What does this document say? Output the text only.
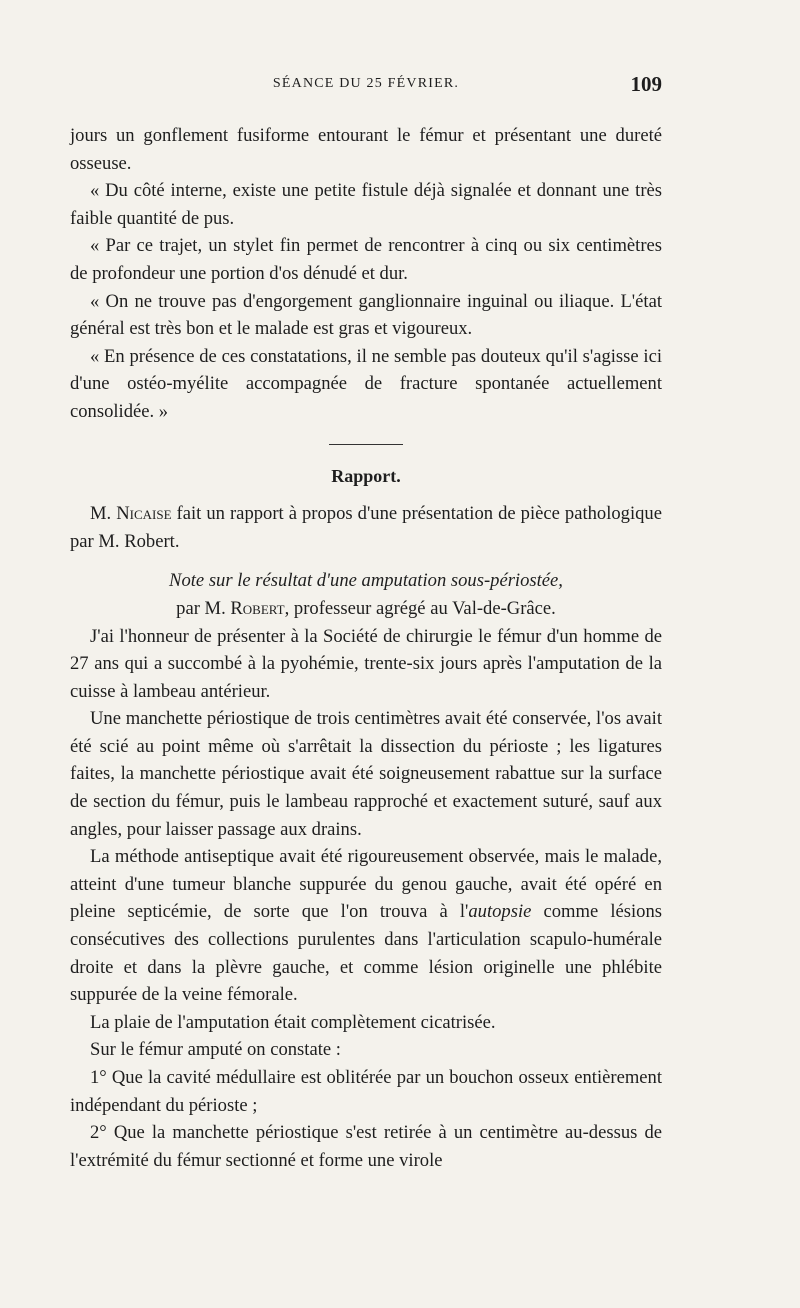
SÉANCE DU 25 FÉVRIER.	109

jours un gonflement fusiforme entourant le fémur et présentant une dureté osseuse.

« Du côté interne, existe une petite fistule déjà signalée et donnant une très faible quantité de pus.

« Par ce trajet, un stylet fin permet de rencontrer à cinq ou six centimètres de profondeur une portion d'os dénudé et dur.

« On ne trouve pas d'engorgement ganglionnaire inguinal ou iliaque. L'état général est très bon et le malade est gras et vigoureux.

« En présence de ces constatations, il ne semble pas douteux qu'il s'agisse ici d'une ostéo-myélite accompagnée de fracture spontanée actuellement consolidée. »

Rapport.

M. Nicaise fait un rapport à propos d'une présentation de pièce pathologique par M. Robert.

Note sur le résultat d'une amputation sous-périostée,
par M. Robert, professeur agrégé au Val-de-Grâce.

J'ai l'honneur de présenter à la Société de chirurgie le fémur d'un homme de 27 ans qui a succombé à la pyohémie, trente-six jours après l'amputation de la cuisse à lambeau antérieur.

Une manchette périostique de trois centimètres avait été conservée, l'os avait été scié au point même où s'arrêtait la dissection du périoste ; les ligatures faites, la manchette périostique avait été soigneusement rabattue sur la surface de section du fémur, puis le lambeau rapproché et exactement suturé, sauf aux angles, pour laisser passage aux drains.

La méthode antiseptique avait été rigoureusement observée, mais le malade, atteint d'une tumeur blanche suppurée du genou gauche, avait été opéré en pleine septicémie, de sorte que l'on trouva à l'autopsie comme lésions consécutives des collections purulentes dans l'articulation scapulo-humérale droite et dans la plèvre gauche, et comme lésion originelle une phlébite suppurée de la veine fémorale.

La plaie de l'amputation était complètement cicatrisée.

Sur le fémur amputé on constate :

1° Que la cavité médullaire est oblitérée par un bouchon osseux entièrement indépendant du périoste ;

2° Que la manchette périostique s'est retirée à un centimètre au-dessus de l'extrémité du fémur sectionné et forme une virole
